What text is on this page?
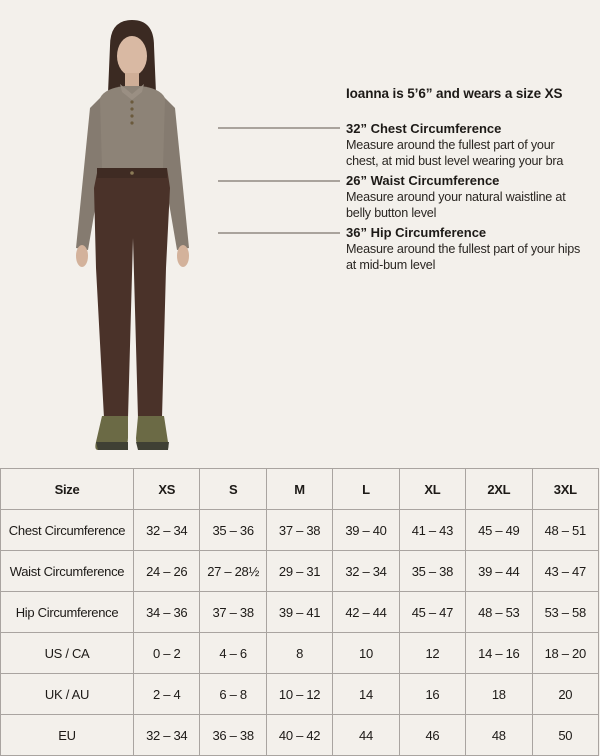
Ioanna is 5’6” and wears a size XS
32” Chest Circumference
Measure around the fullest part of your
chest, at mid bust level wearing your bra
26” Waist Circumference
Measure around your natural waistline at
belly button level
36” Hip Circumference
Measure around the fullest part of your hips
at mid-bum level
Size	XS	S	M	L	XL	2XL	3XL
Chest Circumference	32 – 34	35 – 36	37 – 38	39 – 40	41 – 43	45 – 49	48 – 51
Waist Circumference	24 – 26	27 – 28½	29 – 31	32 – 34	35 – 38	39 – 44	43 – 47
Hip Circumference	34 – 36	37 – 38	39 – 41	42 – 44	45 – 47	48 – 53	53 – 58
US / CA	0 – 2	4 – 6	8	10	12	14 – 16	18 – 20
UK / AU	2 – 4	6 – 8	10 – 12	14	16	18	20
EU	32 – 34	36 – 38	40 – 42	44	46	48	50
